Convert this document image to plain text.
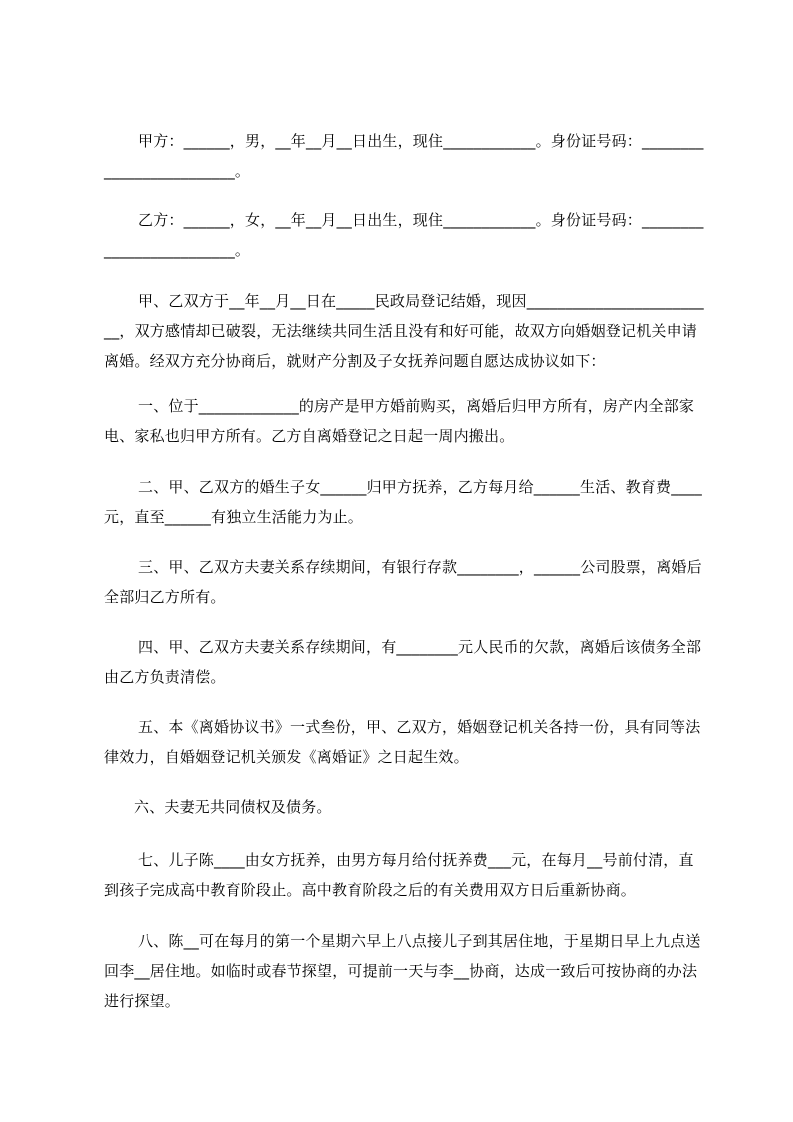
甲方：______，男，__年__月__日出生，现住____________。身份证号码：_________________________。

乙方：______，女，__年__月__日出生，现住____________。身份证号码：_________________________。

甲、乙双方于__年__月__日在_____民政局登记结婚，现因_________________________，双方感情却已破裂，无法继续共同生活且没有和好可能，故双方向婚姻登记机关申请离婚。经双方充分协商后，就财产分割及子女抚养问题自愿达成协议如下：

一、位于_____________的房产是甲方婚前购买，离婚后归甲方所有，房产内全部家电、家私也归甲方所有。乙方自离婚登记之日起一周内搬出。

二、甲、乙双方的婚生子女______归甲方抚养，乙方每月给______生活、教育费____元，直至______有独立生活能力为止。

三、甲、乙双方夫妻关系存续期间，有银行存款________，______公司股票，离婚后全部归乙方所有。

四、甲、乙双方夫妻关系存续期间，有________元人民币的欠款，离婚后该债务全部由乙方负责清偿。

五、本《离婚协议书》一式叁份，甲、乙双方，婚姻登记机关各持一份，具有同等法律效力，自婚姻登记机关颁发《离婚证》之日起生效。

六、夫妻无共同债权及债务。

七、儿子陈____由女方抚养，由男方每月给付抚养费___元，在每月__号前付清，直到孩子完成高中教育阶段止。高中教育阶段之后的有关费用双方日后重新协商。

八、陈__可在每月的第一个星期六早上八点接儿子到其居住地，于星期日早上九点送回李__居住地。如临时或春节探望，可提前一天与李__协商，达成一致后可按协商的办法进行探望。
